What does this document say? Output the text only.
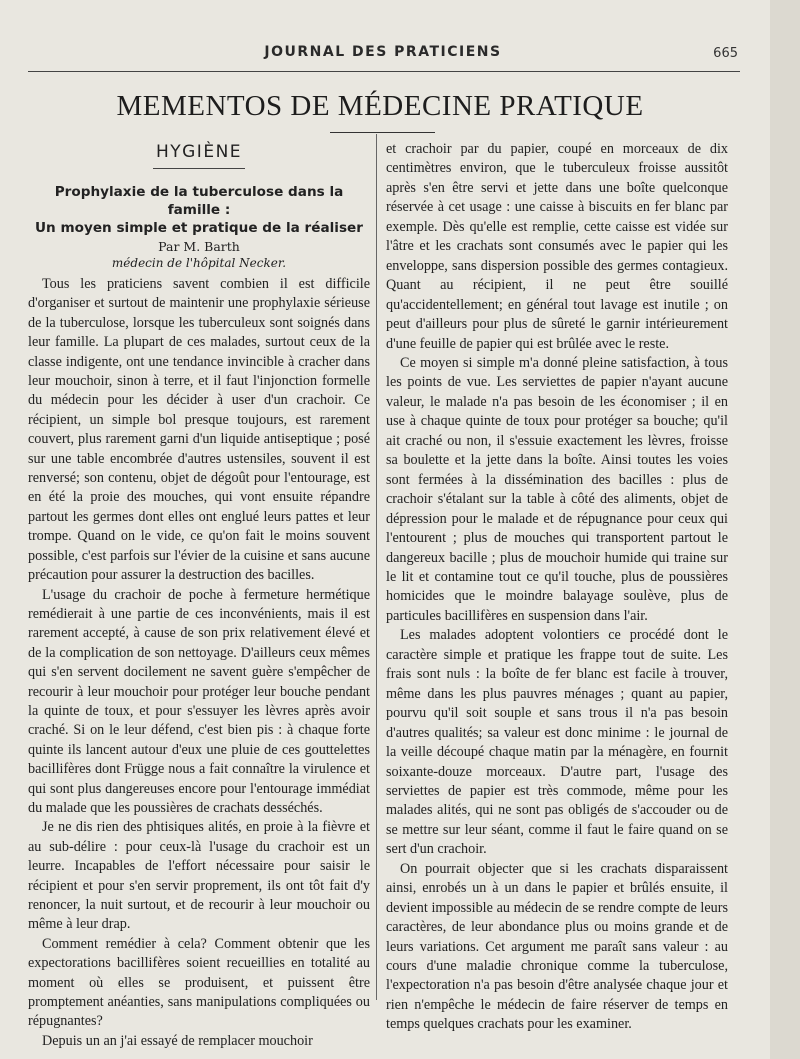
JOURNAL DES PRATICIENS	665
MEMENTOS DE MÉDECINE PRATIQUE
HYGIÈNE

Prophylaxie de la tuberculose dans la famille :

Un moyen simple et pratique de la réaliser

Par M. Barth
médecin de l'hôpital Necker.

Tous les praticiens savent combien il est difficile d'organiser et surtout de maintenir une prophylaxie sérieuse de la tuberculose, lorsque les tuberculeux sont soignés dans leur famille. La plupart de ces malades, surtout ceux de la classe indigente, ont une tendance invincible à cracher dans leur mouchoir, sinon à terre, et il faut l'injonction formelle du médecin pour les décider à user d'un crachoir. Ce récipient, un simple bol presque toujours, est rarement couvert, plus rarement garni d'un liquide antiseptique ; posé sur une table encombrée d'autres ustensiles, souvent il est renversé; son contenu, objet de dégoût pour l'entourage, est en été la proie des mouches, qui vont ensuite répandre partout les germes dont elles ont englué leurs pattes et leur trompe. Quand on le vide, ce qu'on fait le moins souvent possible, c'est parfois sur l'évier de la cuisine et sans aucune précaution pour assurer la destruction des bacilles.

L'usage du crachoir de poche à fermeture hermétique remédierait à une partie de ces inconvénients, mais il est rarement accepté, à cause de son prix relativement élevé et de la complication de son nettoyage. D'ailleurs ceux mêmes qui s'en servent docilement ne savent guère s'empêcher de recourir à leur mouchoir pour protéger leur bouche pendant la quinte de toux, et pour s'essuyer les lèvres après avoir craché. Si on le leur défend, c'est bien pis : à chaque forte quinte ils lancent autour d'eux une pluie de ces gouttelettes bacillifères dont Frügge nous a fait connaître la virulence et qui sont plus dangereuses encore pour l'entourage immédiat du malade que les poussières de crachats desséchés.

Je ne dis rien des phtisiques alités, en proie à la fièvre et au sub-délire : pour ceux-là l'usage du crachoir est un leurre. Incapables de l'effort nécessaire pour saisir le récipient et pour s'en servir proprement, ils ont tôt fait d'y renoncer, la nuit surtout, et de recourir à leur mouchoir ou même à leur drap.

Comment remédier à cela? Comment obtenir que les expectorations bacillifères soient recueillies en totalité au moment où elles se produisent, et puissent être promptement anéanties, sans manipulations compliquées ou répugnantes?

Depuis un an j'ai essayé de remplacer mouchoir

et crachoir par du papier, coupé en morceaux de dix centimètres environ, que le tuberculeux froisse aussitôt après s'en être servi et jette dans une boîte quelconque réservée à cet usage : une caisse à biscuits en fer blanc par exemple. Dès qu'elle est remplie, cette caisse est vidée sur l'âtre et les crachats sont consumés avec le papier qui les enveloppe, sans dispersion possible des germes contagieux. Quant au récipient, il ne peut être souillé qu'accidentellement; en général tout lavage est inutile ; on peut d'ailleurs pour plus de sûreté le garnir intérieurement d'une feuille de papier qui est brûlée avec le reste.

Ce moyen si simple m'a donné pleine satisfaction, à tous les points de vue. Les serviettes de papier n'ayant aucune valeur, le malade n'a pas besoin de les économiser ; il en use à chaque quinte de toux pour protéger sa bouche; qu'il ait craché ou non, il s'essuie exactement les lèvres, froisse sa boulette et la jette dans la boîte. Ainsi toutes les voies sont fermées à la dissémination des bacilles : plus de crachoir s'étalant sur la table à côté des aliments, objet de dépression pour le malade et de répugnance pour ceux qui l'entourent ; plus de mouches qui transportent partout le dangereux bacille ; plus de mouchoir humide qui traine sur le lit et contamine tout ce qu'il touche, plus de poussières homicides que le moindre balayage soulève, plus de particules bacillifères en suspension dans l'air.

Les malades adoptent volontiers ce procédé dont le caractère simple et pratique les frappe tout de suite. Les frais sont nuls : la boîte de fer blanc est facile à trouver, même dans les plus pauvres ménages ; quant au papier, pourvu qu'il soit souple et sans trous il n'a pas besoin d'autres qualités; sa valeur est donc minime : le journal de la veille découpé chaque matin par la ménagère, en fournit soixante-douze morceaux. D'autre part, l'usage des serviettes de papier est très commode, même pour les malades alités, qui ne sont pas obligés de s'accouder ou de se mettre sur leur séant, comme il faut le faire quand on se sert d'un crachoir.

On pourrait objecter que si les crachats disparaissent ainsi, enrobés un à un dans le papier et brûlés ensuite, il devient impossible au médecin de se rendre compte de leurs caractères, de leur abondance plus ou moins grande et de leurs variations. Cet argument me paraît sans valeur : au cours d'une maladie chronique comme la tuberculose, l'expectoration n'a pas besoin d'être analysée chaque jour et rien n'empêche le médecin de faire réserver de temps en temps quelques crachats pour les examiner.
